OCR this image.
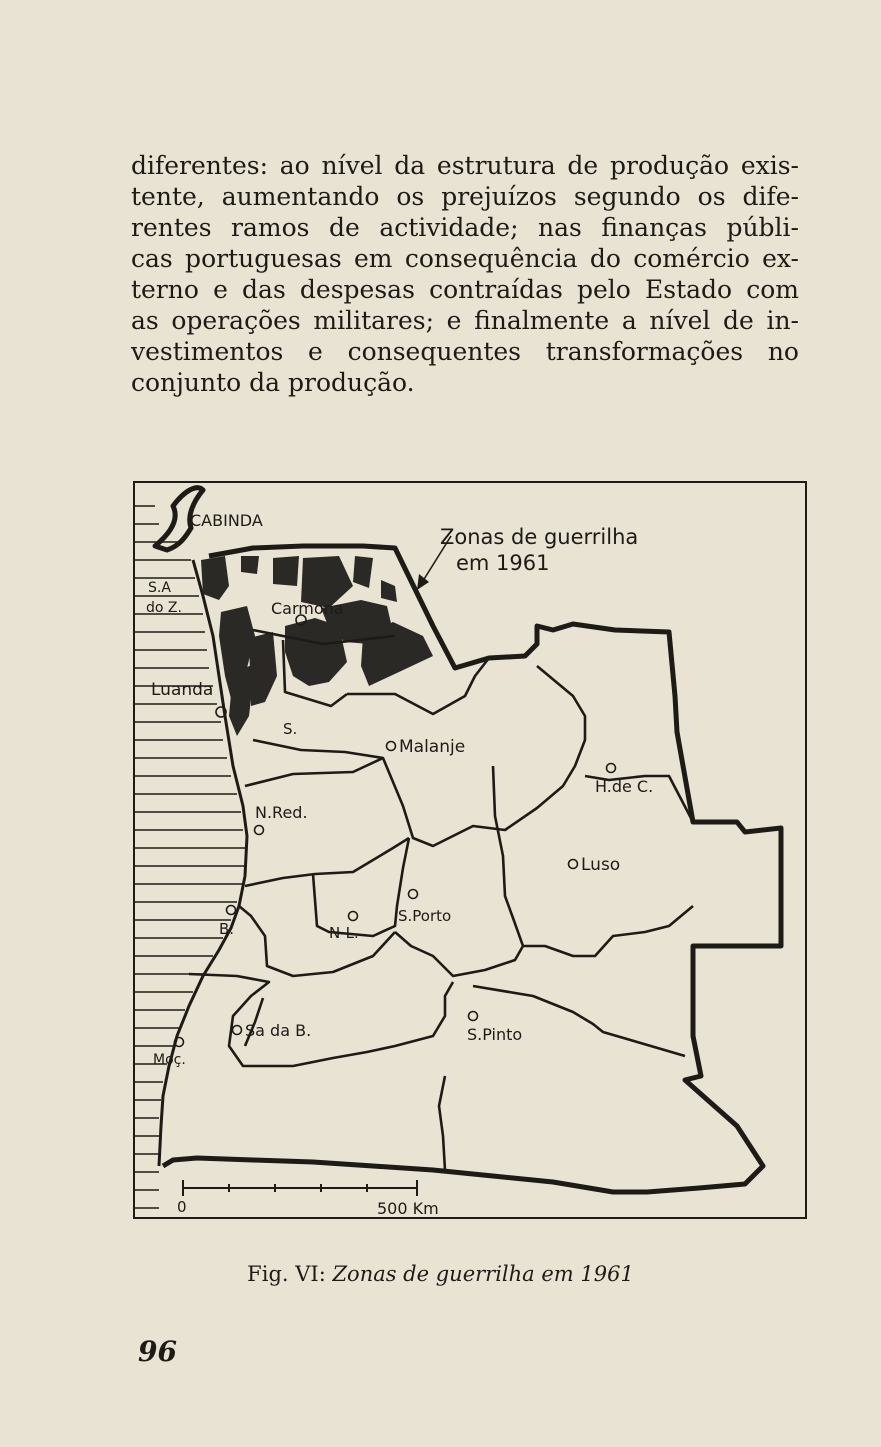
diferentes: ao nível da estrutura de produção exis-
tente, aumentando os prejuízos segundo os dife-
rentes ramos de actividade; nas finanças públi-
cas portuguesas em consequência do comércio ex-
terno e das despesas contraídas pelo Estado com
as operações militares; e finalmente a nível de in-
vestimentos e consequentes transformações no
conjunto da produção.
Zonas de guerrilha
em 1961
CABINDA
S.A
do Z.	Carmona
Luanda
S.
Malanje
H.de C.
N.Red.
Luso
S.Porto
N-L.
B.
Sa da B.	S.Pinto
Moç.
0	500 Km
Fig. VI: Zonas de guerrilha em 1961
96
